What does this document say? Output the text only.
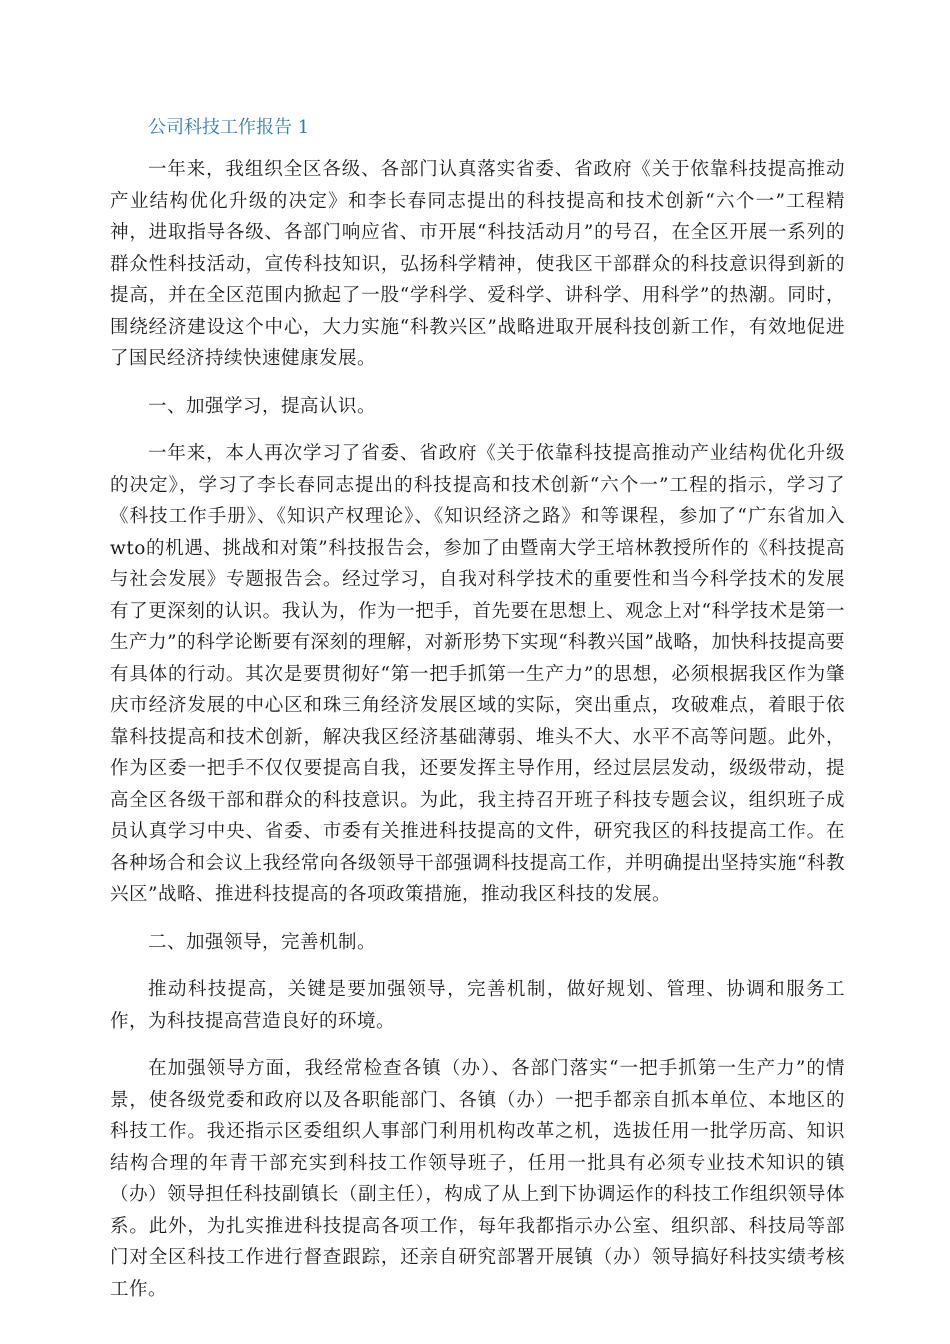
公司科技工作报告 1

一年来，我组织全区各级、各部门认真落实省委、省政府《关于依靠科技提高推动产业结构优化升级的决定》和李长春同志提出的科技提高和技术创新“六个一”工程精神，进取指导各级、各部门响应省、市开展“科技活动月”的号召，在全区开展一系列的群众性科技活动，宣传科技知识，弘扬科学精神，使我区干部群众的科技意识得到新的提高，并在全区范围内掀起了一股“学科学、爱科学、讲科学、用科学”的热潮。同时，围绕经济建设这个中心，大力实施“科教兴区”战略进取开展科技创新工作，有效地促进了国民经济持续快速健康发展。

一、加强学习，提高认识。

一年来，本人再次学习了省委、省政府《关于依靠科技提高推动产业结构优化升级的决定》，学习了李长春同志提出的科技提高和技术创新“六个一”工程的指示，学习了《科技工作手册》、《知识产权理论》、《知识经济之路》和等课程，参加了“广东省加入wto的机遇、挑战和对策”科技报告会，参加了由暨南大学王培林教授所作的《科技提高与社会发展》专题报告会。经过学习，自我对科学技术的重要性和当今科学技术的发展有了更深刻的认识。我认为，作为一把手，首先要在思想上、观念上对“科学技术是第一生产力”的科学论断要有深刻的理解，对新形势下实现“科教兴国”战略，加快科技提高要有具体的行动。其次是要贯彻好“第一把手抓第一生产力”的思想，必须根据我区作为肇庆市经济发展的中心区和珠三角经济发展区域的实际，突出重点，攻破难点，着眼于依靠科技提高和技术创新，解决我区经济基础薄弱、堆头不大、水平不高等问题。此外，作为区委一把手不仅仅要提高自我，还要发挥主导作用，经过层层发动，级级带动，提高全区各级干部和群众的科技意识。为此，我主持召开班子科技专题会议，组织班子成员认真学习中央、省委、市委有关推进科技提高的文件，研究我区的科技提高工作。在各种场合和会议上我经常向各级领导干部强调科技提高工作，并明确提出坚持实施“科教兴区”战略、推进科技提高的各项政策措施，推动我区科技的发展。

二、加强领导，完善机制。

推动科技提高，关键是要加强领导，完善机制，做好规划、管理、协调和服务工作，为科技提高营造良好的环境。

在加强领导方面，我经常检查各镇（办）、各部门落实“一把手抓第一生产力”的情景，使各级党委和政府以及各职能部门、各镇（办）一把手都亲自抓本单位、本地区的科技工作。我还指示区委组织人事部门利用机构改革之机，选拔任用一批学历高、知识结构合理的年青干部充实到科技工作领导班子，任用一批具有必须专业技术知识的镇（办）领导担任科技副镇长（副主任），构成了从上到下协调运作的科技工作组织领导体系。此外，为扎实推进科技提高各项工作，每年我都指示办公室、组织部、科技局等部门对全区科技工作进行督查跟踪，还亲自研究部署开展镇（办）领导搞好科技实绩考核工作。
